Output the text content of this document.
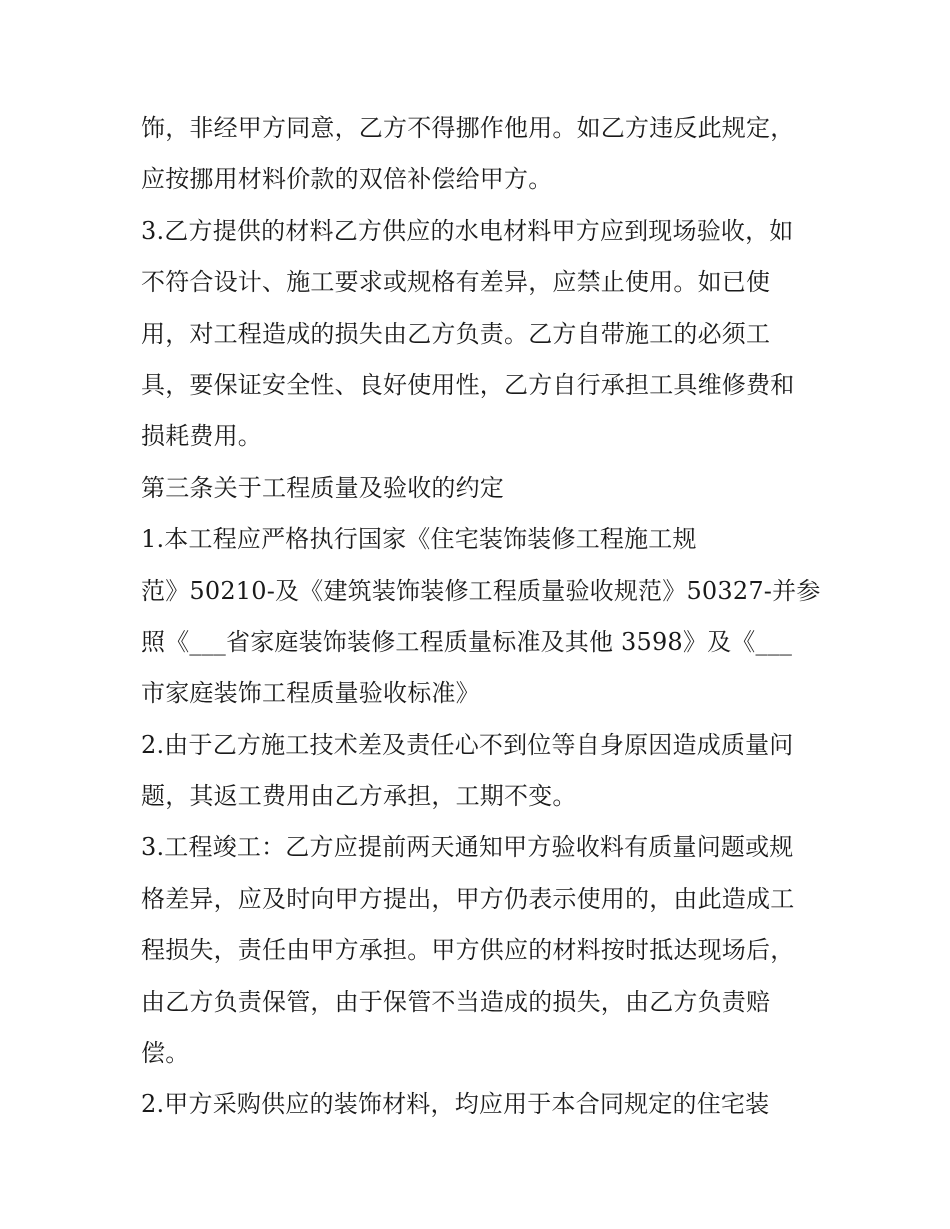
饰，非经甲方同意，乙方不得挪作他用。如乙方违反此规定，
应按挪用材料价款的双倍补偿给甲方。
3.乙方提供的材料乙方供应的水电材料甲方应到现场验收，如
不符合设计、施工要求或规格有差异，应禁止使用。如已使
用，对工程造成的损失由乙方负责。乙方自带施工的必须工
具，要保证安全性、良好使用性，乙方自行承担工具维修费和
损耗费用。
第三条关于工程质量及验收的约定
1.本工程应严格执行国家《住宅装饰装修工程施工规
范》50210-及《建筑装饰装修工程质量验收规范》50327-并参
照《___省家庭装饰装修工程质量标准及其他 3598》及《___
市家庭装饰工程质量验收标准》
2.由于乙方施工技术差及责任心不到位等自身原因造成质量问
题，其返工费用由乙方承担，工期不变。
3.工程竣工：乙方应提前两天通知甲方验收料有质量问题或规
格差异，应及时向甲方提出，甲方仍表示使用的，由此造成工
程损失，责任由甲方承担。甲方供应的材料按时抵达现场后，
由乙方负责保管，由于保管不当造成的损失，由乙方负责赔
偿。
2.甲方采购供应的装饰材料，均应用于本合同规定的住宅装
